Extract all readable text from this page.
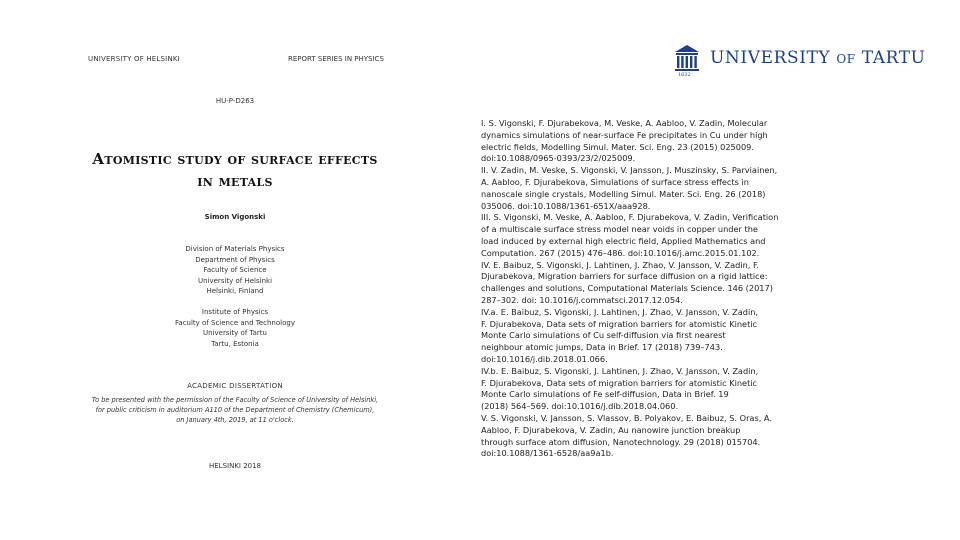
UNIVERSITY OF HELSINKI	REPORT SERIES IN PHYSICS
HU-P-D263
Atomistic study of surface effects
in metals
Simon Vigonski
Division of Materials Physics
Department of Physics
Faculty of Science
University of Helsinki
Helsinki, Finland
Institute of Physics
Faculty of Science and Technology
University of Tartu
Tartu, Estonia
ACADEMIC DISSERTATION
To be presented with the permission of the Faculty of Science of University of Helsinki,
for public criticism in auditorium A110 of the Department of Chemistry (Chemicum),
on January 4th, 2019, at 11 o'clock.
HELSINKI 2018
1632
UNIVERSITY OF TARTU
I. S. Vigonski, F. Djurabekova, M. Veske, A. Aabloo, V. Zadin, Molecular
dynamics simulations of near-surface Fe precipitates in Cu under high
electric fields, Modelling Simul. Mater. Sci. Eng. 23 (2015) 025009.
doi:10.1088/0965-0393/23/2/025009.
II. V. Zadin, M. Veske, S. Vigonski, V. Jansson, J. Muszinsky, S. Parviainen,
A. Aabloo, F. Djurabekova, Simulations of surface stress effects in
nanoscale single crystals, Modelling Simul. Mater. Sci. Eng. 26 (2018)
035006. doi:10.1088/1361-651X/aaa928.
III. S. Vigonski, M. Veske, A. Aabloo, F. Djurabekova, V. Zadin, Verification
of a multiscale surface stress model near voids in copper under the
load induced by external high electric field, Applied Mathematics and
Computation. 267 (2015) 476–486. doi:10.1016/j.amc.2015.01.102.
IV. E. Baibuz, S. Vigonski, J. Lahtinen, J. Zhao, V. Jansson, V. Zadin, F.
Djurabekova, Migration barriers for surface diffusion on a rigid lattice:
challenges and solutions, Computational Materials Science. 146 (2017)
287–302. doi: 10.1016/j.commatsci.2017.12.054.
IV.a. E. Baibuz, S. Vigonski, J. Lahtinen, J. Zhao, V. Jansson, V. Zadin,
F. Djurabekova, Data sets of migration barriers for atomistic Kinetic
Monte Carlo simulations of Cu self-diffusion via first nearest
neighbour atomic jumps, Data in Brief. 17 (2018) 739–743.
doi:10.1016/j.dib.2018.01.066.
IV.b. E. Baibuz, S. Vigonski, J. Lahtinen, J. Zhao, V. Jansson, V. Zadin,
F. Djurabekova, Data sets of migration barriers for atomistic Kinetic
Monte Carlo simulations of Fe self-diffusion, Data in Brief. 19
(2018) 564–569. doi:10.1016/j.dib.2018.04.060.
V. S. Vigonski, V. Jansson, S. Vlassov, B. Polyakov, E. Baibuz, S. Oras, A.
Aabloo, F. Djurabekova, V. Zadin, Au nanowire junction breakup
through surface atom diffusion, Nanotechnology. 29 (2018) 015704.
doi:10.1088/1361-6528/aa9a1b.
